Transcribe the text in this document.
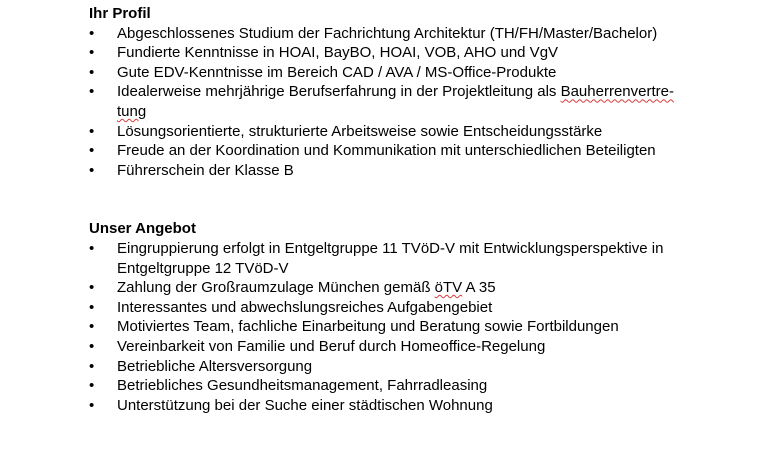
Ihr Profil
•	Abgeschlossenes Studium der Fachrichtung Architektur (TH/FH/Master/Bachelor)
•	Fundierte Kenntnisse in HOAI, BayBO, HOAI, VOB, AHO und VgV
•	Gute EDV-Kenntnisse im Bereich CAD / AVA / MS-Office-Produkte
•	Idealerweise mehrjährige Berufserfahrung in der Projektleitung als Bauherrenvertre-
tung
•	Lösungsorientierte, strukturierte Arbeitsweise sowie Entscheidungsstärke
•	Freude an der Koordination und Kommunikation mit unterschiedlichen Beteiligten
•	Führerschein der Klasse B
Unser Angebot
•	Eingruppierung erfolgt in Entgeltgruppe 11 TVöD-V mit Entwicklungsperspektive in
Entgeltgruppe 12 TVöD-V
•	Zahlung der Großraumzulage München gemäß öTV A 35
•	Interessantes und abwechslungsreiches Aufgabengebiet
•	Motiviertes Team, fachliche Einarbeitung und Beratung sowie Fortbildungen
•	Vereinbarkeit von Familie und Beruf durch Homeoffice-Regelung
•	Betriebliche Altersversorgung
•	Betriebliches Gesundheitsmanagement, Fahrradleasing
•	Unterstützung bei der Suche einer städtischen Wohnung
